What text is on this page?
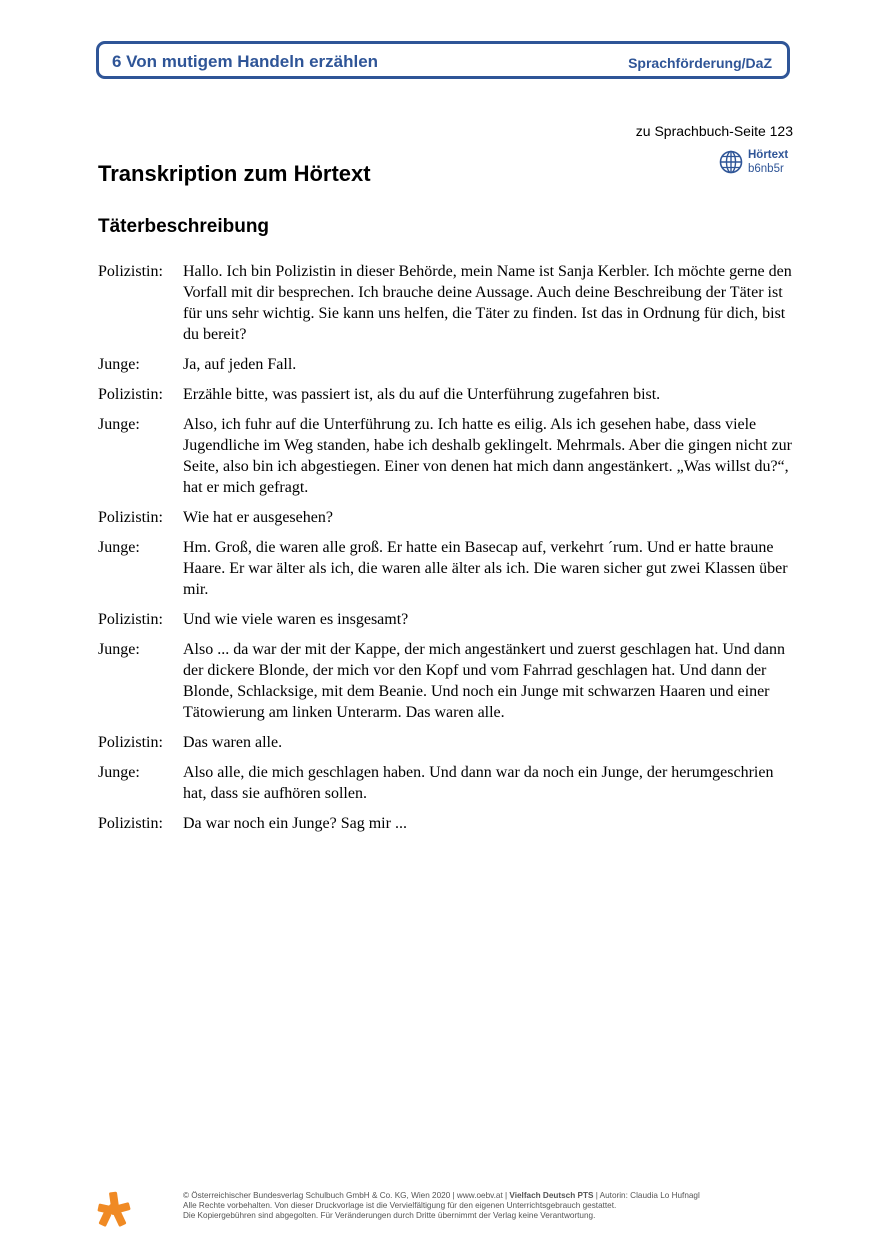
6 Von mutigem Handeln erzählen	Sprachförderung/DaZ
zu Sprachbuch-Seite 123
Hörtext
b6nb5r
Transkription zum Hörtext
Täterbeschreibung
Polizistin:	Hallo. Ich bin Polizistin in dieser Behörde, mein Name ist Sanja Kerbler. Ich möchte gerne den Vorfall mit dir besprechen. Ich brauche deine Aussage. Auch deine Beschreibung der Täter ist für uns sehr wichtig. Sie kann uns helfen, die Täter zu finden. Ist das in Ordnung für dich, bist du bereit?
Junge:	Ja, auf jeden Fall.
Polizistin:	Erzähle bitte, was passiert ist, als du auf die Unterführung zugefahren bist.
Junge:	Also, ich fuhr auf die Unterführung zu. Ich hatte es eilig. Als ich gesehen habe, dass viele Jugendliche im Weg standen, habe ich deshalb geklingelt. Mehrmals. Aber die gingen nicht zur Seite, also bin ich abgestiegen. Einer von denen hat mich dann angestänkert. „Was willst du?“, hat er mich gefragt.
Polizistin:	Wie hat er ausgesehen?
Junge:	Hm. Groß, die waren alle groß. Er hatte ein Basecap auf, verkehrt ´rum. Und er hatte braune Haare. Er war älter als ich, die waren alle älter als ich. Die waren sicher gut zwei Klassen über mir.
Polizistin:	Und wie viele waren es insgesamt?
Junge:	Also ... da war der mit der Kappe, der mich angestänkert und zuerst geschlagen hat. Und dann der dickere Blonde, der mich vor den Kopf und vom Fahrrad geschlagen hat. Und dann der Blonde, Schlacksige, mit dem Beanie. Und noch ein Junge mit schwarzen Haaren und einer Tätowierung am linken Unterarm. Das waren alle.
Polizistin:	Das waren alle.
Junge:	Also alle, die mich geschlagen haben. Und dann war da noch ein Junge, der herumgeschrien hat, dass sie aufhören sollen.
Polizistin:	Da war noch ein Junge? Sag mir ...
© Österreichischer Bundesverlag Schulbuch GmbH & Co. KG, Wien 2020 | www.oebv.at | Vielfach Deutsch PTS | Autorin: Claudia Lo Hufnagl
Alle Rechte vorbehalten. Von dieser Druckvorlage ist die Vervielfältigung für den eigenen Unterrichtsgebrauch gestattet.
Die Kopiergebühren sind abgegolten. Für Veränderungen durch Dritte übernimmt der Verlag keine Verantwortung.
